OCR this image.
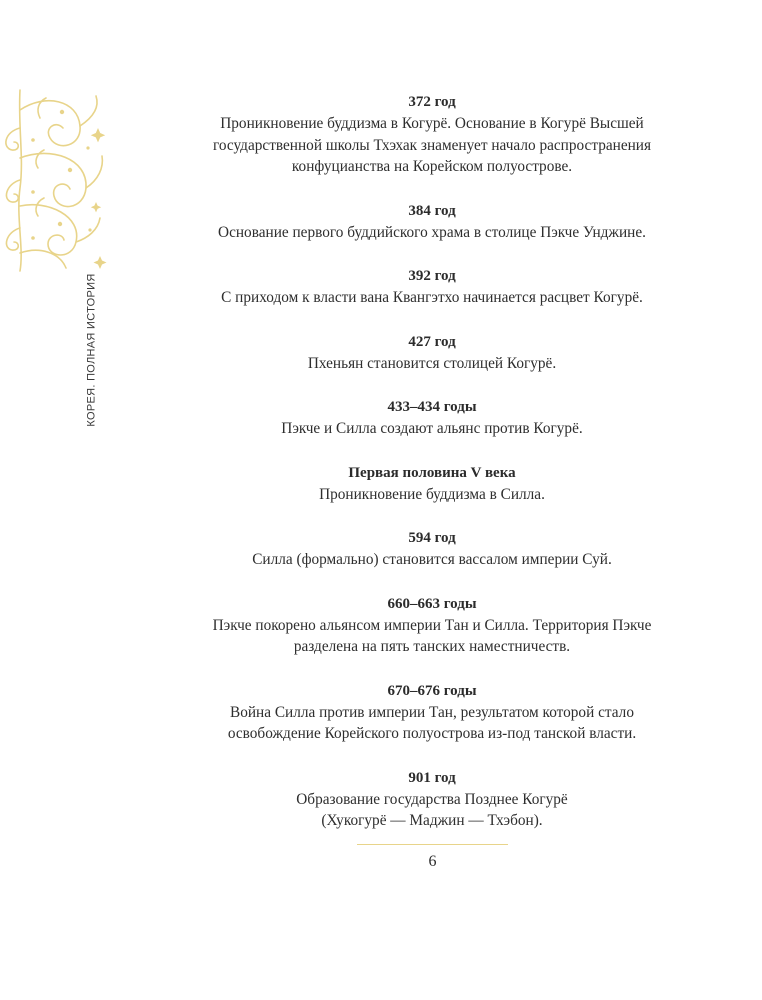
КОРЕЯ. ПОЛНАЯ ИСТОРИЯ
372 год
Проникновение буддизма в Когурё. Основание в Когурё Высшей
государственной школы Тхэхак знаменует начало распространения
конфуцианства на Корейском полуострове.
384 год
Основание первого буддийского храма в столице Пэкче Унджине.
392 год
С приходом к власти вана Квангэтхо начинается расцвет Когурё.
427 год
Пхеньян становится столицей Когурё.
433–434 годы
Пэкче и Силла создают альянс против Когурё.
Первая половина V века
Проникновение буддизма в Силла.
594 год
Силла (формально) становится вассалом империи Суй.
660–663 годы
Пэкче покорено альянсом империи Тан и Силла. Территория Пэкче
разделена на пять танских наместничеств.
670–676 годы
Война Силла против империи Тан, результатом которой стало
освобождение Корейского полуострова из-под танской власти.
901 год
Образование государства Позднее Когурё
(Хукогурё — Маджин — Тхэбон).
6
